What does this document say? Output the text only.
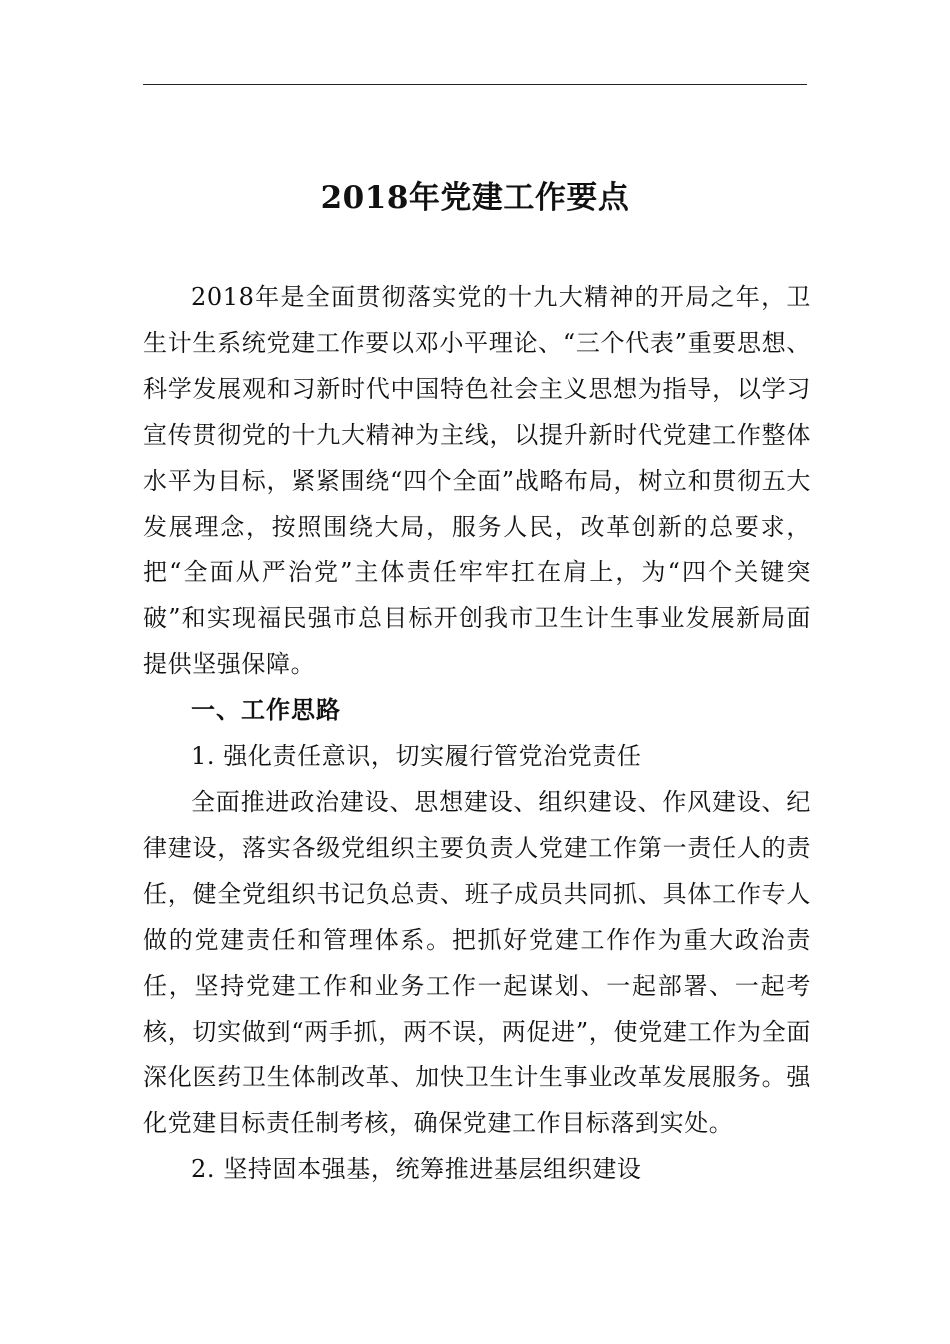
2018年党建工作要点

2018年是全面贯彻落实党的十九大精神的开局之年，卫生计生系统党建工作要以邓小平理论、“三个代表”重要思想、科学发展观和习新时代中国特色社会主义思想为指导，以学习宣传贯彻党的十九大精神为主线，以提升新时代党建工作整体水平为目标，紧紧围绕“四个全面”战略布局，树立和贯彻五大发展理念，按照围绕大局，服务人民，改革创新的总要求，把“全面从严治党”主体责任牢牢扛在肩上，为“四个关键突破”和实现福民强市总目标开创我市卫生计生事业发展新局面提供坚强保障。

一、工作思路

1. 强化责任意识，切实履行管党治党责任

全面推进政治建设、思想建设、组织建设、作风建设、纪律建设，落实各级党组织主要负责人党建工作第一责任人的责任，健全党组织书记负总责、班子成员共同抓、具体工作专人做的党建责任和管理体系。把抓好党建工作作为重大政治责任，坚持党建工作和业务工作一起谋划、一起部署、一起考核，切实做到“两手抓，两不误，两促进”，使党建工作为全面深化医药卫生体制改革、加快卫生计生事业改革发展服务。强化党建目标责任制考核，确保党建工作目标落到实处。

2. 坚持固本强基，统筹推进基层组织建设
